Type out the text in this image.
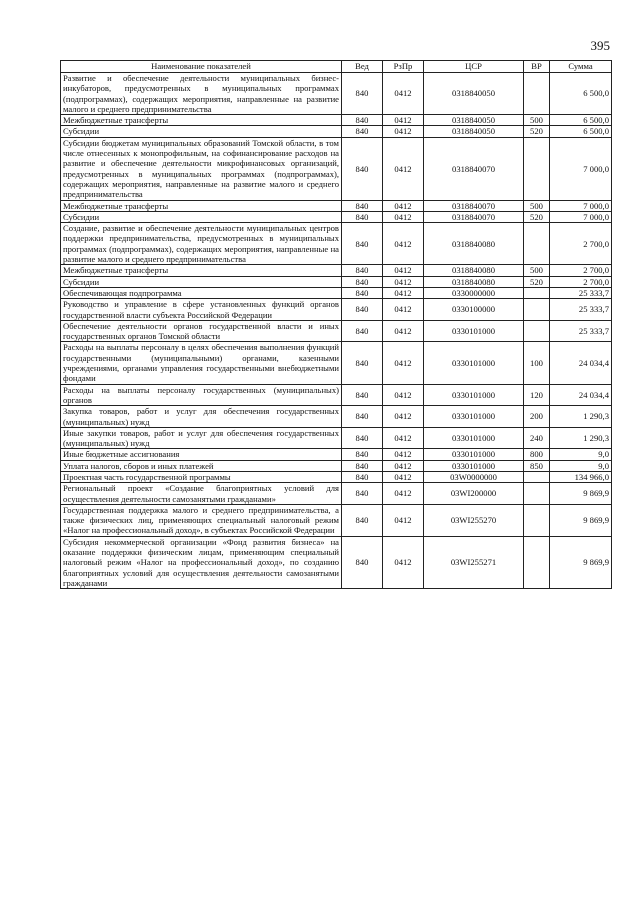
395
Наименование показателей	Вед	РзПр	ЦСР	ВР	Сумма
Развитие и обеспечение деятельности муниципальных бизнес-инкубаторов, предусмотренных в муниципальных программах (подпрограммах), содержащих мероприятия, направленные на развитие малого и среднего предпринимательства	840	0412	0318840050		6 500,0
Межбюджетные трансферты	840	0412	0318840050	500	6 500,0
Субсидии	840	0412	0318840050	520	6 500,0
Субсидии бюджетам муниципальных образований Томской области, в том числе отнесенных к монопрофильным, на софинансирование расходов на развитие и обеспечение деятельности микрофинансовых организаций, предусмотренных в муниципальных программах (подпрограммах), содержащих мероприятия, направленные на развитие малого и среднего предпринимательства	840	0412	0318840070		7 000,0
Межбюджетные трансферты	840	0412	0318840070	500	7 000,0
Субсидии	840	0412	0318840070	520	7 000,0
Создание, развитие и обеспечение деятельности муниципальных центров поддержки предпринимательства, предусмотренных в муниципальных программах (подпрограммах), содержащих мероприятия, направленные на развитие малого и среднего предпринимательства	840	0412	0318840080		2 700,0
Межбюджетные трансферты	840	0412	0318840080	500	2 700,0
Субсидии	840	0412	0318840080	520	2 700,0
Обеспечивающая подпрограмма	840	0412	0330000000		25 333,7
Руководство и управление в сфере установленных функций органов государственной власти субъекта Российской Федерации	840	0412	0330100000		25 333,7
Обеспечение деятельности органов государственной власти и иных государственных органов Томской области	840	0412	0330101000		25 333,7
Расходы на выплаты персоналу в целях обеспечения выполнения функций государственными (муниципальными) органами, казенными учреждениями, органами управления государственными внебюджетными фондами	840	0412	0330101000	100	24 034,4
Расходы на выплаты персоналу государственных (муниципальных) органов	840	0412	0330101000	120	24 034,4
Закупка товаров, работ и услуг для обеспечения государственных (муниципальных) нужд	840	0412	0330101000	200	1 290,3
Иные закупки товаров, работ и услуг для обеспечения государственных (муниципальных) нужд	840	0412	0330101000	240	1 290,3
Иные бюджетные ассигнования	840	0412	0330101000	800	9,0
Уплата налогов, сборов и иных платежей	840	0412	0330101000	850	9,0
Проектная часть государственной программы	840	0412	03W0000000		134 966,0
Региональный проект «Создание благоприятных условий для осуществления деятельности самозанятыми гражданами»	840	0412	03WI200000		9 869,9
Государственная поддержка малого и среднего предпринимательства, а также физических лиц, применяющих специальный налоговый режим «Налог на профессиональный доход», в субъектах Российской Федерации	840	0412	03WI255270		9 869,9
Субсидия некоммерческой организации «Фонд развития бизнеса» на оказание поддержки физическим лицам, применяющим специальный налоговый режим «Налог на профессиональный доход», по созданию благоприятных условий для осуществления деятельности самозанятыми гражданами	840	0412	03WI255271		9 869,9
